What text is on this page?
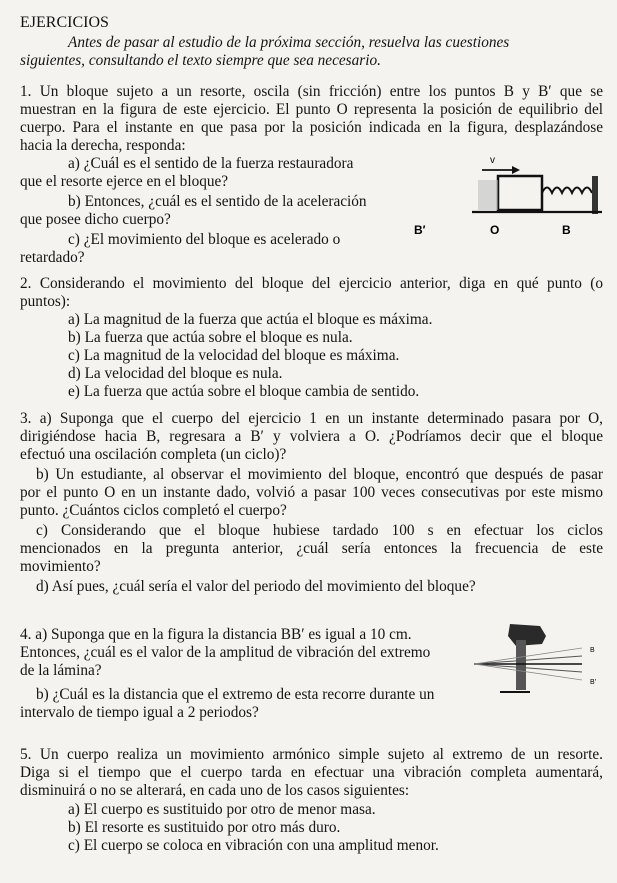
EJERCICIOS
Antes de pasar al estudio de la próxima sección, resuelva las cuestiones
siguientes, consultando el texto siempre que sea necesario.
1. Un bloque sujeto a un resorte, oscila (sin fricción) entre los puntos B y B′ que se
muestran en la figura de este ejercicio. El punto O representa la posición de equilibrio del
cuerpo. Para el instante en que pasa por la posición indicada en la figura, desplazándose
hacia la derecha, responda:
a) ¿Cuál es el sentido de la fuerza restauradora
que el resorte ejerce en el bloque?
b) Entonces, ¿cuál es el sentido de la aceleración
que posee dicho cuerpo?
c) ¿El movimiento del bloque es acelerado o
retardado?
v
B′	O	B
2. Considerando el movimiento del bloque del ejercicio anterior, diga en qué punto (o
puntos):
a) La magnitud de la fuerza que actúa el bloque es máxima.
b) La fuerza que actúa sobre el bloque es nula.
c) La magnitud de la velocidad del bloque es máxima.
d) La velocidad del bloque es nula.
e) La fuerza que actúa sobre el bloque cambia de sentido.
3. a) Suponga que el cuerpo del ejercicio 1 en un instante determinado pasara por O,
dirigiéndose hacia B, regresara a B′ y volviera a O. ¿Podríamos decir que el bloque
efectuó una oscilación completa (un ciclo)?
b) Un estudiante, al observar el movimiento del bloque, encontró que después de pasar
por el punto O en un instante dado, volvió a pasar 100 veces consecutivas por este mismo
punto. ¿Cuántos ciclos completó el cuerpo?
c) Considerando que el bloque hubiese tardado 100 s en efectuar los ciclos
mencionados en la pregunta anterior, ¿cuál sería entonces la frecuencia de este
movimiento?
d) Así pues, ¿cuál sería el valor del periodo del movimiento del bloque?
4. a) Suponga que en la figura la distancia BB′ es igual a 10 cm.
Entonces, ¿cuál es el valor de la amplitud de vibración del extremo
de la lámina?
b) ¿Cuál es la distancia que el extremo de esta recorre durante un
intervalo de tiempo igual a 2 periodos?
B
B′
5. Un cuerpo realiza un movimiento armónico simple sujeto al extremo de un resorte.
Diga si el tiempo que el cuerpo tarda en efectuar una vibración completa aumentará,
disminuirá o no se alterará, en cada uno de los casos siguientes:
a) El cuerpo es sustituido por otro de menor masa.
b) El resorte es sustituido por otro más duro.
c) El cuerpo se coloca en vibración con una amplitud menor.
